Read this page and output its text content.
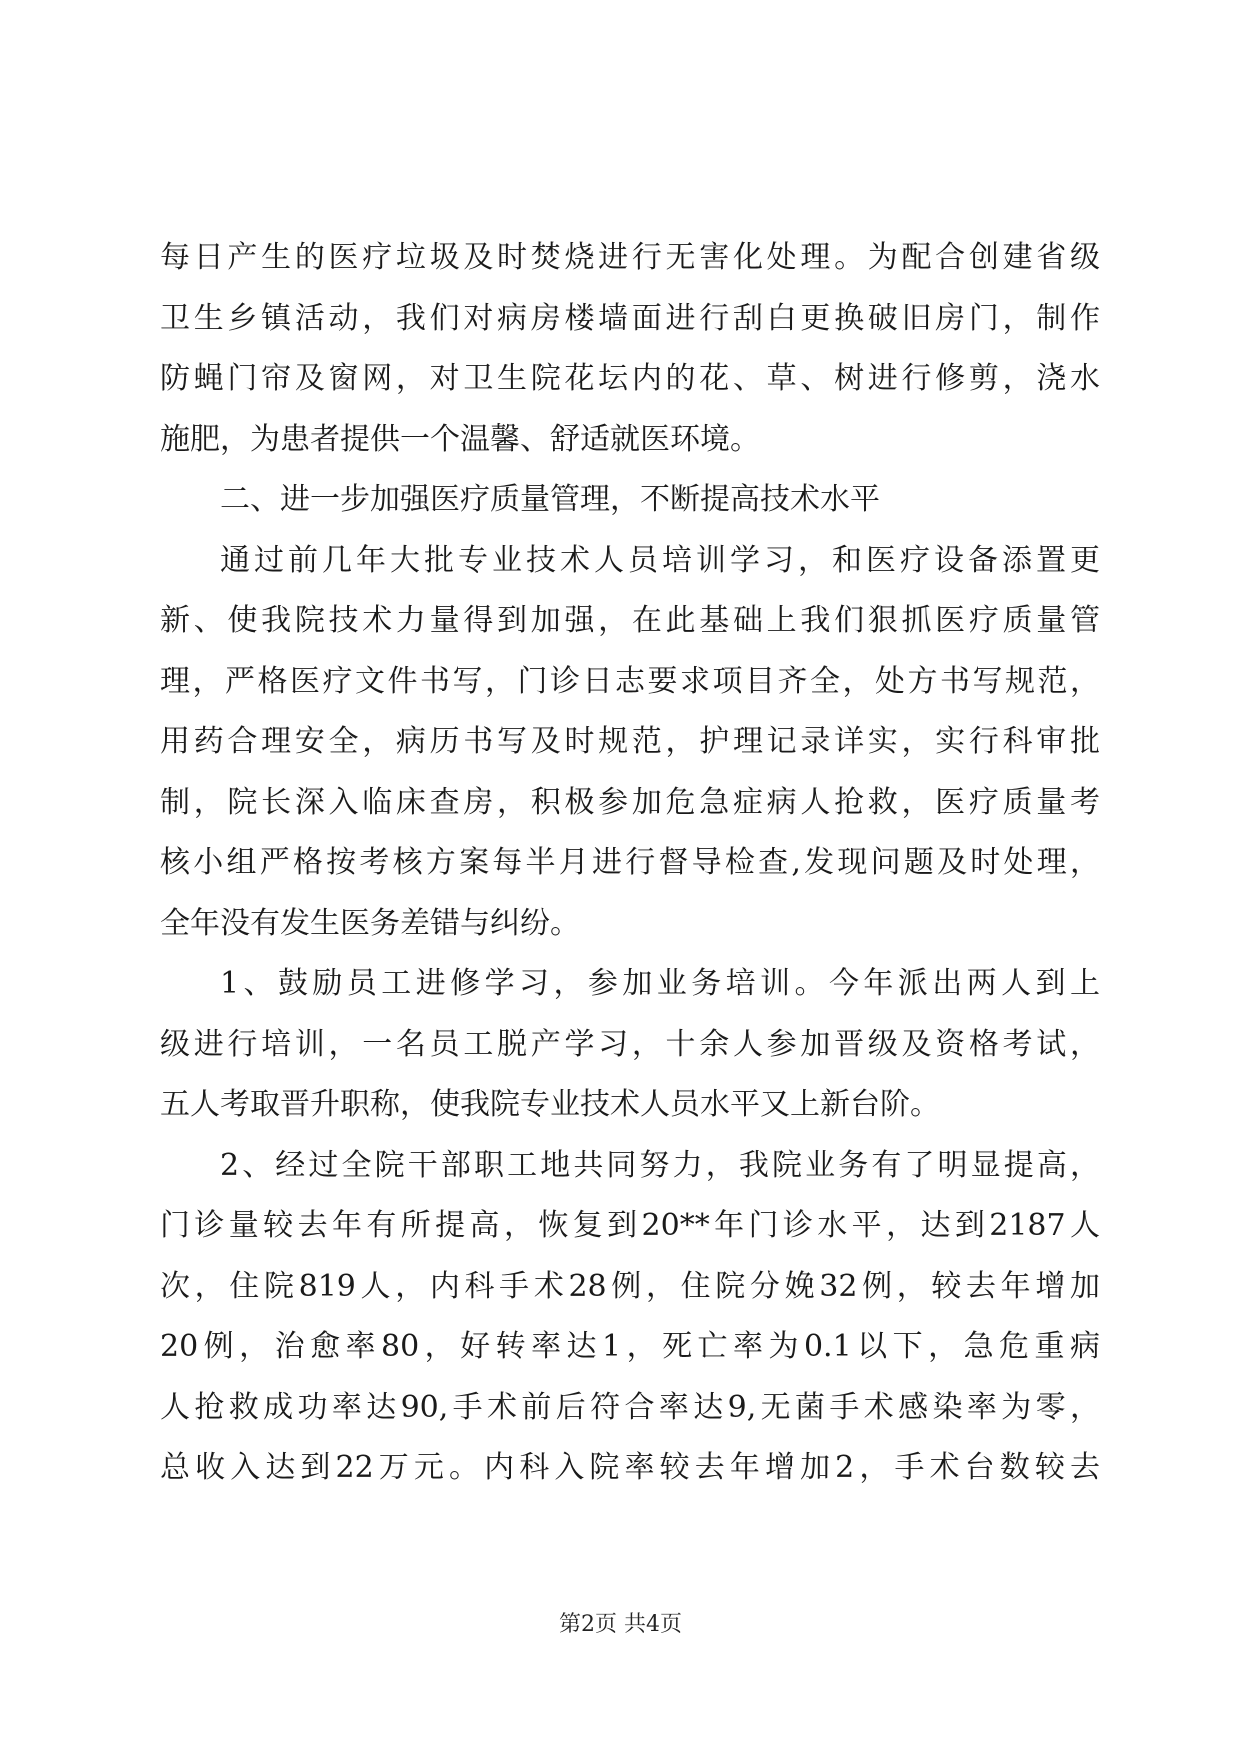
每日产生的医疗垃圾及时焚烧进行无害化处理。为配合创建省级
卫生乡镇活动，我们对病房楼墙面进行刮白更换破旧房门，制作
防蝇门帘及窗网，对卫生院花坛内的花、草、树进行修剪，浇水
施肥，为患者提供一个温馨、舒适就医环境。
二、进一步加强医疗质量管理，不断提高技术水平
通过前几年大批专业技术人员培训学习，和医疗设备添置更
新、使我院技术力量得到加强，在此基础上我们狠抓医疗质量管
理，严格医疗文件书写，门诊日志要求项目齐全，处方书写规范，
用药合理安全，病历书写及时规范，护理记录详实，实行科审批
制，院长深入临床查房，积极参加危急症病人抢救，医疗质量考
核小组严格按考核方案每半月进行督导检查,发现问题及时处理，
全年没有发生医务差错与纠纷。
1、鼓励员工进修学习，参加业务培训。今年派出两人到上
级进行培训，一名员工脱产学习，十余人参加晋级及资格考试，
五人考取晋升职称，使我院专业技术人员水平又上新台阶。
2、经过全院干部职工地共同努力，我院业务有了明显提高，
门诊量较去年有所提高，恢复到20**年门诊水平，达到2187人
次，住院819人，内科手术28例，住院分娩32例，较去年增加
20例，治愈率80，好转率达1，死亡率为0.1以下，急危重病
人抢救成功率达90,手术前后符合率达9,无菌手术感染率为零，
总收入达到22万元。内科入院率较去年增加2，手术台数较去
第2页 共4页
